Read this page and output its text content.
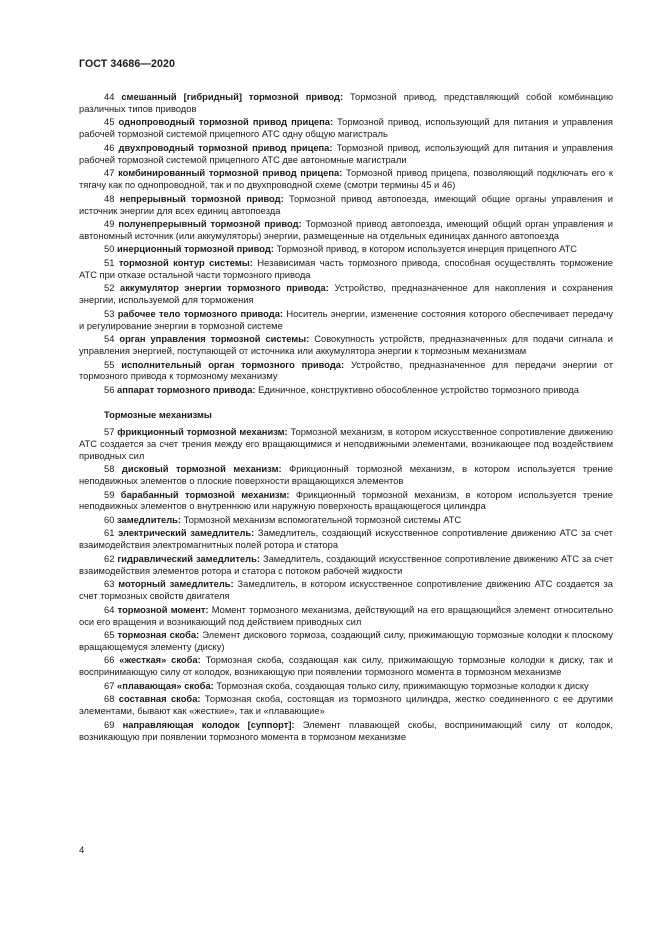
ГОСТ 34686—2020
44 смешанный [гибридный] тормозной привод: Тормозной привод, представляющий собой комбинацию различных типов приводов
45 однопроводный тормозной привод прицепа: Тормозной привод, использующий для питания и управления рабочей тормозной системой прицепного АТС одну общую магистраль
46 двухпроводный тормозной привод прицепа: Тормозной привод, использующий для питания и управления рабочей тормозной системой прицепного АТС две автономные магистрали
47 комбинированный тормозной привод прицепа: Тормозной привод прицепа, позволяющий подключать его к тягачу как по однопроводной, так и по двухпроводной схеме (смотри термины 45 и 46)
48 непрерывный тормозной привод: Тормозной привод автопоезда, имеющий общие органы управления и источник энергии для всех единиц автопоезда
49 полунепрерывный тормозной привод: Тормозной привод автопоезда, имеющий общий орган управления и автономный источник (или аккумуляторы) энергии, размещенные на отдельных единицах данного автопоезда
50 инерционный тормозной привод: Тормозной привод, в котором используется инерция прицепного АТС
51 тормозной контур системы: Независимая часть тормозного привода, способная осуществлять торможение АТС при отказе остальной части тормозного привода
52 аккумулятор энергии тормозного привода: Устройство, предназначенное для накопления и сохранения энергии, используемой для торможения
53 рабочее тело тормозного привода: Носитель энергии, изменение состояния которого обеспечивает передачу и регулирование энергии в тормозной системе
54 орган управления тормозной системы: Совокупность устройств, предназначенных для подачи сигнала и управления энергией, поступающей от источника или аккумулятора энергии к тормозным механизмам
55 исполнительный орган тормозного привода: Устройство, предназначенное для передачи энергии от тормозного привода к тормозному механизму
56 аппарат тормозного привода: Единичное, конструктивно обособленное устройство тормозного привода
Тормозные механизмы
57 фрикционный тормозной механизм: Тормозной механизм, в котором искусственное сопротивление движению АТС создается за счет трения между его вращающимися и неподвижными элементами, возникающее под воздействием приводных сил
58 дисковый тормозной механизм: Фрикционный тормозной механизм, в котором используется трение неподвижных элементов о плоские поверхности вращающихся элементов
59 барабанный тормозной механизм: Фрикционный тормозной механизм, в котором используется трение неподвижных элементов о внутреннюю или наружную поверхность вращающегося цилиндра
60 замедлитель: Тормозной механизм вспомогательной тормозной системы АТС
61 электрический замедлитель: Замедлитель, создающий искусственное сопротивление движению АТС за счет взаимодействия электромагнитных полей ротора и статора
62 гидравлический замедлитель: Замедлитель, создающий искусственное сопротивление движению АТС за счет взаимодействия элементов ротора и статора с потоком рабочей жидкости
63 моторный замедлитель: Замедлитель, в котором искусственное сопротивление движению АТС создается за счет тормозных свойств двигателя
64 тормозной момент: Момент тормозного механизма, действующий на его вращающийся элемент относительно оси его вращения и возникающий под действием приводных сил
65 тормозная скоба: Элемент дискового тормоза, создающий силу, прижимающую тормозные колодки к плоскому вращающемуся элементу (диску)
66 «жесткая» скоба: Тормозная скоба, создающая как силу, прижимающую тормозные колодки к диску, так и воспринимающую силу от колодок, возникающую при появлении тормозного момента в тормозном механизме
67 «плавающая» скоба: Тормозная скоба, создающая только силу, прижимающую тормозные колодки к диску
68 составная скоба: Тормозная скоба, состоящая из тормозного цилиндра, жестко соединенного с ее другими элементами, бывают как «жесткие», так и «плавающие»
69 направляющая колодок [суппорт]: Элемент плавающей скобы, воспринимающий силу от колодок, возникающую при появлении тормозного момента в тормозном механизме
4
